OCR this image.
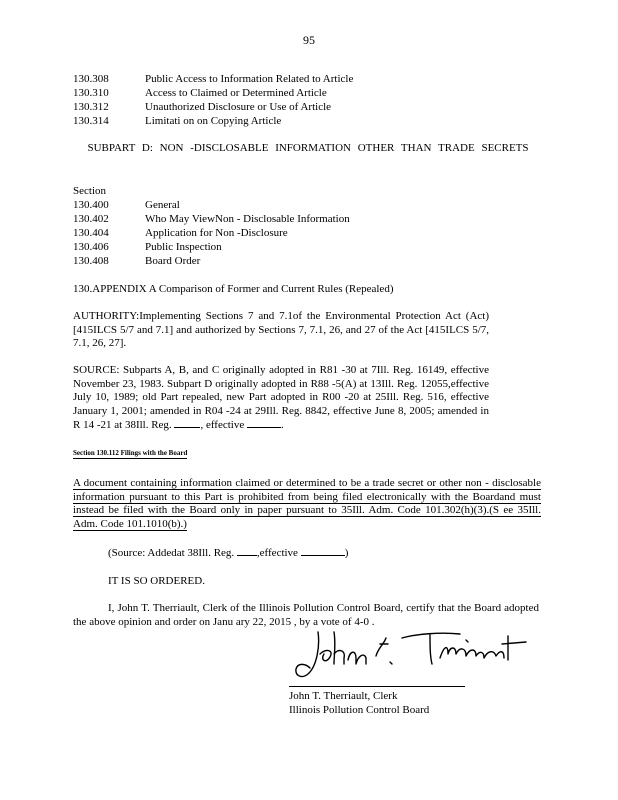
95
130.308	Public Access to Information Related to Article
130.310	Access to Claimed or Determined Article
130.312	Unauthorized Disclosure or Use of Article
130.314	Limitati on on Copying Article
SUBPART D: NON -DISCLOSABLE INFORMATION OTHER THAN TRADE SECRETS
Section
130.400	General
130.402	Who May ViewNon - Disclosable Information
130.404	Application for Non -Disclosure
130.406	Public Inspection
130.408	Board Order
130.APPENDIX A Comparison of Former and Current Rules (Repealed)
AUTHORITY:Implementing Sections 7 and 7.1of the Environmental Protection Act (Act) [415ILCS 5/7 and 7.1] and authorized by Sections 7, 7.1, 26, and 27 of the Act [415ILCS 5/7, 7.1, 26, 27].
SOURCE: Subparts A, B, and C originally adopted in R81 -30 at 7Ill. Reg. 16149, effective November 23, 1983. Subpart D originally adopted in R88 -5(A) at 13Ill. Reg. 12055,effective July 10, 1989; old Part repealed, new Part adopted in R00 -20 at 25Ill. Reg. 516, effective January 1, 2001; amended in R04 -24 at 29Ill. Reg. 8842, effective June 8, 2005; amended in R 14 -21 at 38Ill. Reg.	, effective	.
Section 130.112 Filings with the Board
A document containing information claimed or determined to be a trade secret or other non - disclosable information pursuant to this Part is prohibited from being filed electronically with the Boardand must instead be filed with the Board only in paper pursuant to 35Ill. Adm. Code 101.302(h)(3).(S ee 35Ill. Adm. Code 101.1010(b).)
(Source: Addedat 38Ill. Reg. ,effective	)
IT IS SO ORDERED.
I, John T. Therriault, Clerk of the Illinois Pollution Control Board, certify that the Board adopted the above opinion and order on Janu ary 22, 2015 , by a vote of 4-0 .
John T. Therriault, Clerk
Illinois Pollution Control Board
